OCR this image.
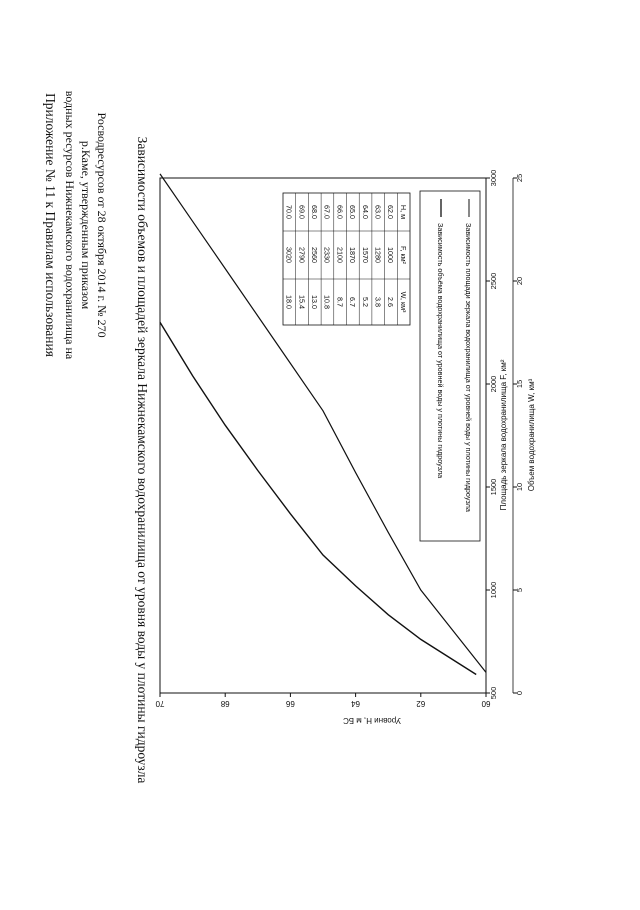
Приложение № 11 к Правилам использования водных ресурсов Нижнекамского водохранилища на р.Каме, утвержденным приказом Росводресурсов от 28 октября 2014 г. № 270 Зависимости объемов и площадей зеркала Нижнекамского водохранилища от уровня воды у плотины гидроузла	Уровни Н, м БС
Площадь зеркала водохранилища F, км² Объем водохранилища W, км³
60
62
64
66
68
70
500
1000
1500
2000
2500
3000
0
5
10
15
20
25
H, м
F, км²
W, км³
62.0
1000
2.6
63.0
1280
3.8
64.0
1570
5.2
65.0
1870
6.7
66.0
2100
8.7
67.0
2330
10.8
68.0
2560
13.0
69.0
2790
15.4
70.0
3020
18.0	Зависимость площади зеркала водохранилища от уровней воды у плотины гидроузла
Зависимость объёма водохранилища от уровней воды у плотины гидроузла
